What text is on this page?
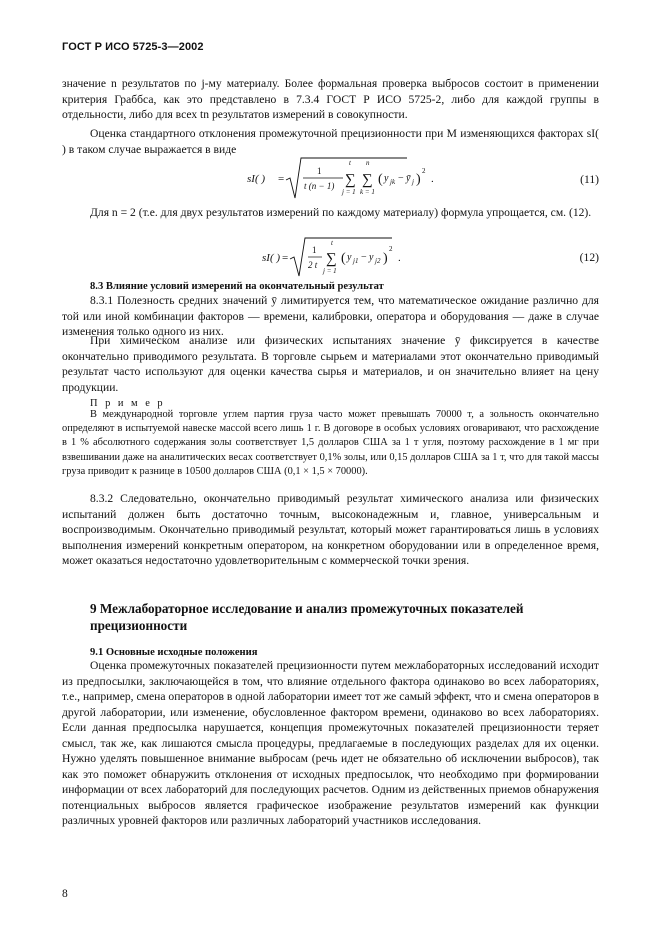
ГОСТ Р ИСО 5725-3—2002

значение n результатов по j-му материалу. Более формальная проверка выбросов состоит в применении критерия Граббса, как это представлено в 7.3.4 ГОСТ Р ИСО 5725-2, либо для каждой группы в отдельности, либо для всех tn результатов измерений в совокупности.

Оценка стандартного отклонения промежуточной прецизионности при M изменяющихся факторах sI( ) в таком случае выражается в виде

sI( ) =
1
t (n − 1)
t
∑
j = 1
n
∑
k = 1
( y jk − ȳ j )
2
.	(11)

Для n = 2 (т.е. для двух результатов измерений по каждому материалу) формула упрощается, см. (12).

sI( ) =
1
2 t
t
∑
j = 1
( y j1 − y j2 )
2
.	(12)

8.3 Влияние условий измерений на окончательный результат

8.3.1 Полезность средних значений ȳ лимитируется тем, что математическое ожидание различно для той или иной комбинации факторов — времени, калибровки, оператора и оборудования — даже в случае изменения только одного из них.

При химическом анализе или физических испытаниях значение ȳ фиксируется в качестве окончательно приводимого результата. В торговле сырьем и материалами этот окончательно приводимый результат часто используют для оценки качества сырья и материалов, и он значительно влияет на цену продукции.

П р и м е р

В международной торговле углем партия груза часто может превышать 70000 т, а зольность окончательно определяют в испытуемой навеске массой всего лишь 1 г. В договоре в особых условиях оговаривают, что расхождение в 1 % абсолютного содержания золы соответствует 1,5 долларов США за 1 т угля, поэтому расхождение в 1 мг при взвешивании даже на аналитических весах соответствует 0,1% золы, или 0,15 долларов США за 1 т, что для такой массы груза приводит к разнице в 10500 долларов США (0,1 × 1,5 × 70000).

8.3.2 Следовательно, окончательно приводимый результат химического анализа или физических испытаний должен быть достаточно точным, высоконадежным и, главное, универсальным и воспроизводимым. Окончательно приводимый результат, который может гарантироваться лишь в условиях выполнения измерений конкретным оператором, на конкретном оборудовании или в определенное время, может оказаться недостаточно удовлетворительным с коммерческой точки зрения.

9 Межлабораторное исследование и анализ промежуточных показателей прецизионности

9.1 Основные исходные положения

Оценка промежуточных показателей прецизионности путем межлабораторных исследований исходит из предпосылки, заключающейся в том, что влияние отдельного фактора одинаково во всех лабораториях, т.е., например, смена операторов в одной лаборатории имеет тот же самый эффект, что и смена операторов в другой лаборатории, или изменение, обусловленное фактором времени, одинаково во всех лабораториях. Если данная предпосылка нарушается, концепция промежуточных показателей прецизионности теряет смысл, так же, как лишаются смысла процедуры, предлагаемые в последующих разделах для их оценки. Нужно уделять повышенное внимание выбросам (речь идет не обязательно об исключении выбросов), так как это поможет обнаружить отклонения от исходных предпосылок, что необходимо при формировании информации от всех лабораторий для последующих расчетов. Одним из действенных приемов обнаружения потенциальных выбросов является графическое изображение результатов измерений как функции различных уровней факторов или различных лабораторий участников исследования.

8
